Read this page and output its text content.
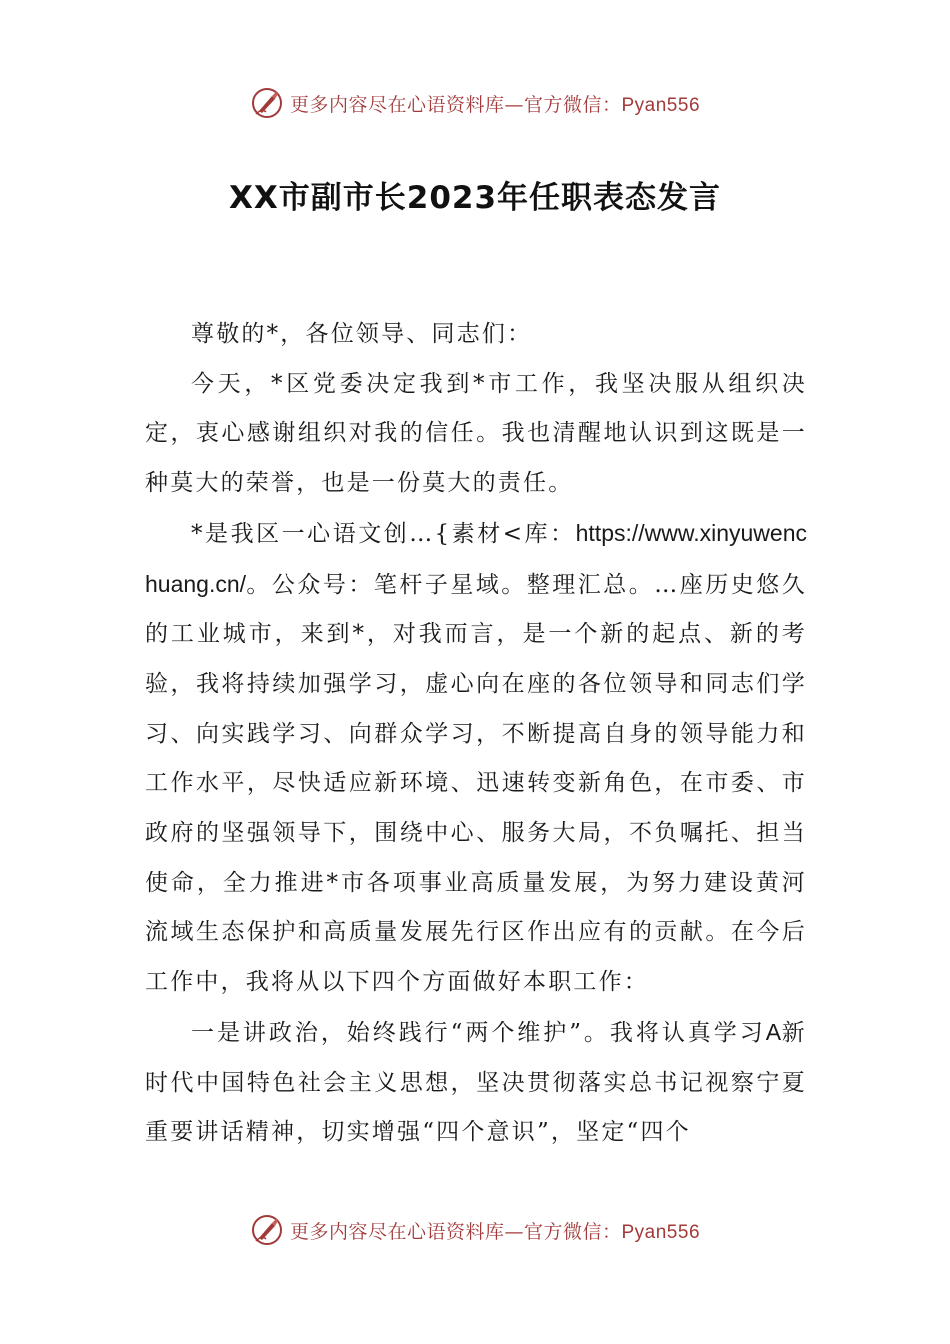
更多内容尽在心语资料库—官方微信：Pyan556
XX市副市长2023年任职表态发言

尊敬的*，各位领导、同志们：

今天，*区党委决定我到*市工作，我坚决服从组织决定，衷心感谢组织对我的信任。我也清醒地认识到这既是一种莫大的荣誉，也是一份莫大的责任。

*是我区一心语文创…{素材<库：https://www.xinyuwenchuang.cn/。公众号：笔杆子星域。整理汇总。…座历史悠久的工业城市，来到*，对我而言，是一个新的起点、新的考验，我将持续加强学习，虚心向在座的各位领导和同志们学习、向实践学习、向群众学习，不断提高自身的领导能力和工作水平，尽快适应新环境、迅速转变新角色，在市委、市政府的坚强领导下，围绕中心、服务大局，不负嘱托、担当使命，全力推进*市各项事业高质量发展，为努力建设黄河流域生态保护和高质量发展先行区作出应有的贡献。在今后工作中，我将从以下四个方面做好本职工作：

一是讲政治，始终践行“两个维护”。我将认真学习A新时代中国特色社会主义思想，坚决贯彻落实总书记视察宁夏重要讲话精神，切实增强“四个意识”，坚定“四个

更多内容尽在心语资料库—官方微信：Pyan556
